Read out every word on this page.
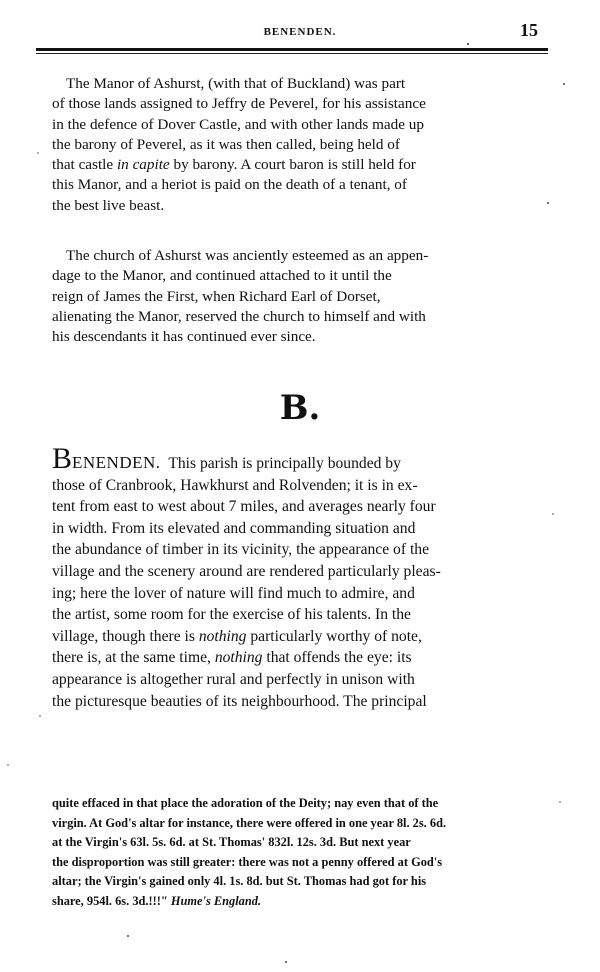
BENENDEN.	15
The Manor of Ashurst, (with that of Buckland) was part
of those lands assigned to Jeffry de Peverel, for his assistance
in the defence of Dover Castle, and with other lands made up
the barony of Peverel, as it was then called, being held of
that castle in capite by barony. A court baron is still held for
this Manor, and a heriot is paid on the death of a tenant, of
the best live beast.
The church of Ashurst was anciently esteemed as an appen-
dage to the Manor, and continued attached to it until the
reign of James the First, when Richard Earl of Dorset,
alienating the Manor, reserved the church to himself and with
his descendants it has continued ever since.
B.
BENENDEN. This parish is principally bounded by
those of Cranbrook, Hawkhurst and Rolvenden; it is in ex-
tent from east to west about 7 miles, and averages nearly four
in width. From its elevated and commanding situation and
the abundance of timber in its vicinity, the appearance of the
village and the scenery around are rendered particularly pleas-
ing; here the lover of nature will find much to admire, and
the artist, some room for the exercise of his talents. In the
village, though there is nothing particularly worthy of note,
there is, at the same time, nothing that offends the eye: its
appearance is altogether rural and perfectly in unison with
the picturesque beauties of its neighbourhood. The principal
quite effaced in that place the adoration of the Deity; nay even that of the
virgin. At God's altar for instance, there were offered in one year 8l. 2s. 6d.
at the Virgin's 63l. 5s. 6d. at St. Thomas' 832l. 12s. 3d. But next year
the disproportion was still greater: there was not a penny offered at God's
altar; the Virgin's gained only 4l. 1s. 8d. but St. Thomas had got for his
share, 954l. 6s. 3d.!!!" Hume's England.
